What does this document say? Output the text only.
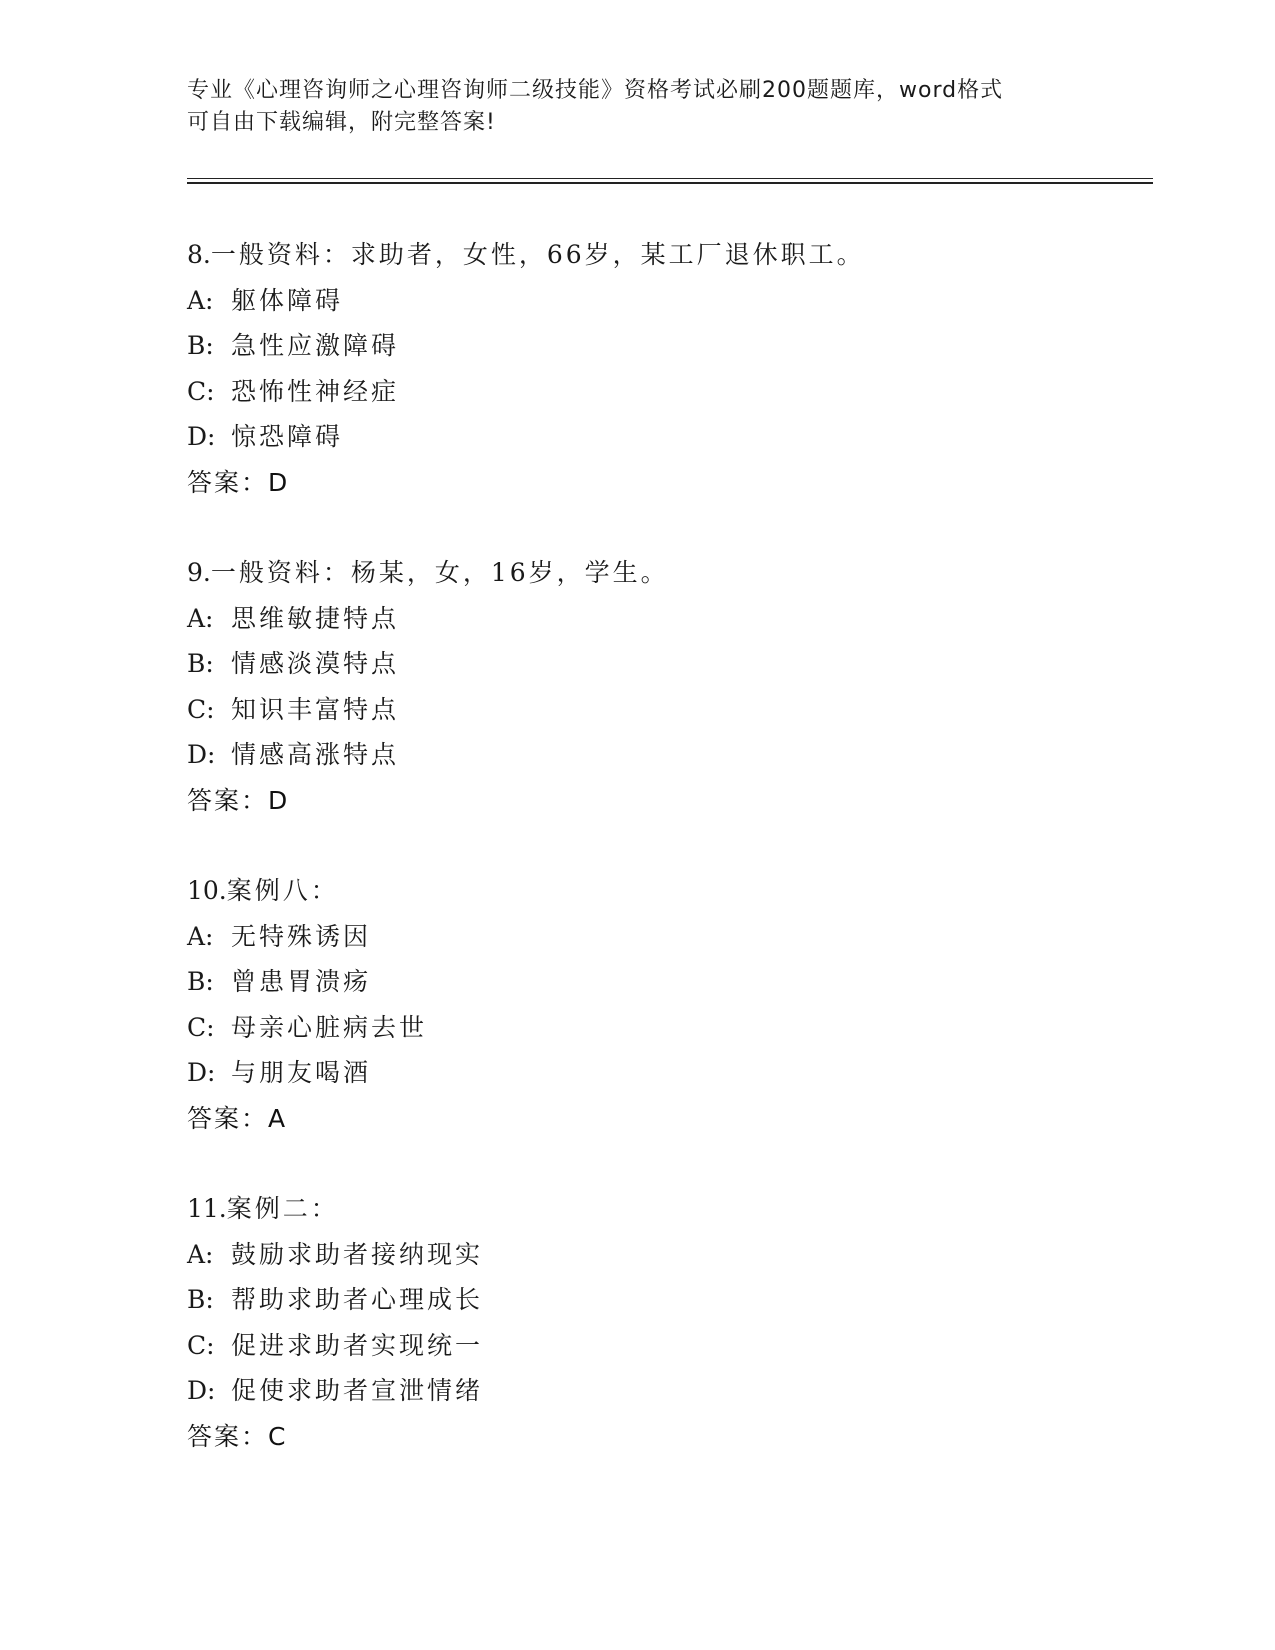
专业《心理咨询师之心理咨询师二级技能》资格考试必刷200题题库，word格式
可自由下载编辑，附完整答案!
8.一般资料：求助者，女性，66岁，某工厂退休职工。
A: 躯体障碍
B: 急性应激障碍
C: 恐怖性神经症
D: 惊恐障碍
答案：D
9.一般资料：杨某，女，16岁，学生。
A: 思维敏捷特点
B: 情感淡漠特点
C: 知识丰富特点
D: 情感高涨特点
答案：D
10.案例八：
A: 无特殊诱因
B: 曾患胃溃疡
C: 母亲心脏病去世
D: 与朋友喝酒
答案：A
11.案例二：
A: 鼓励求助者接纳现实
B: 帮助求助者心理成长
C: 促进求助者实现统一
D: 促使求助者宣泄情绪
答案：C
